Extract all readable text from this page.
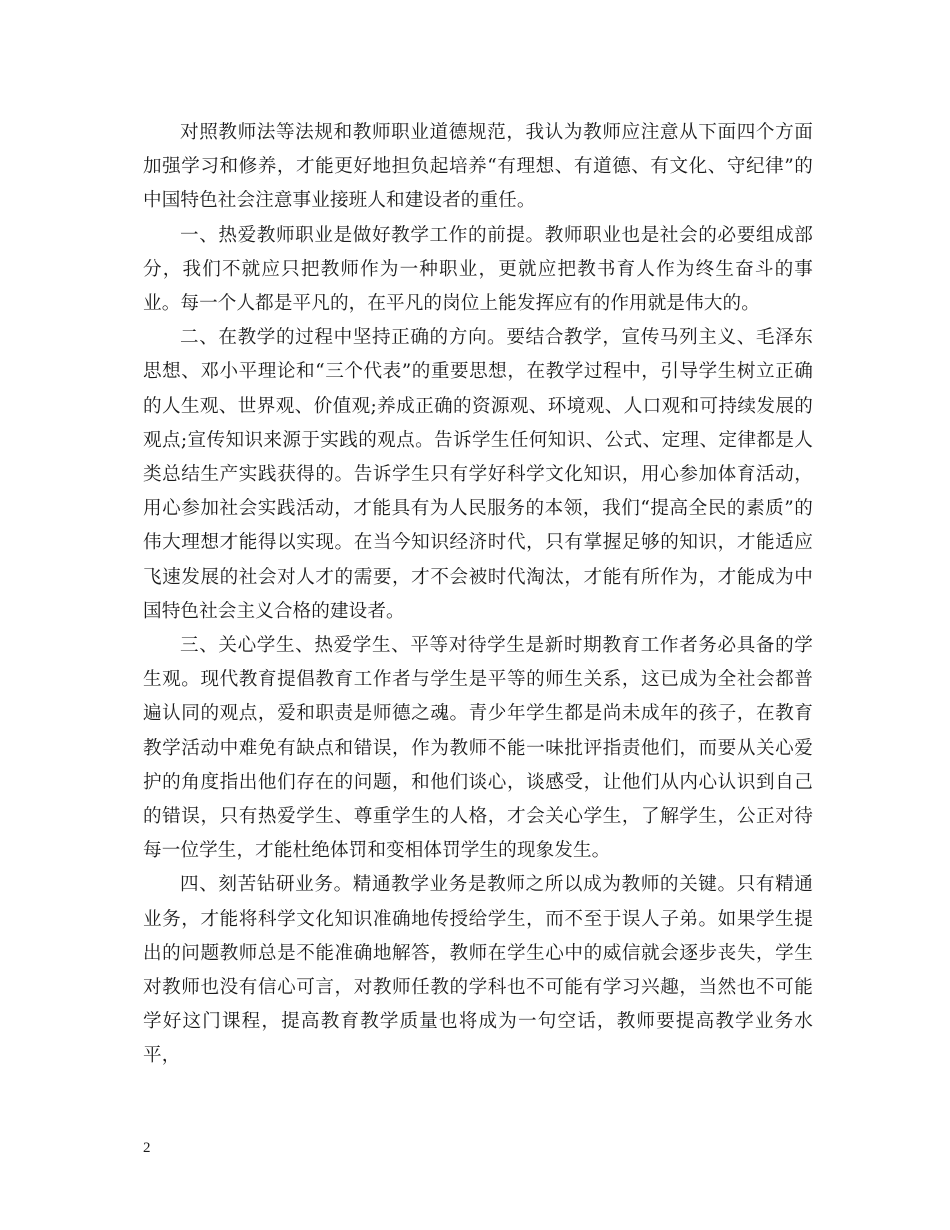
对照教师法等法规和教师职业道德规范，我认为教师应注意从下面四个方面加强学习和修养，才能更好地担负起培养“有理想、有道德、有文化、守纪律”的中国特色社会注意事业接班人和建设者的重任。

一、热爱教师职业是做好教学工作的前提。教师职业也是社会的必要组成部分，我们不就应只把教师作为一种职业，更就应把教书育人作为终生奋斗的事业。每一个人都是平凡的，在平凡的岗位上能发挥应有的作用就是伟大的。

二、在教学的过程中坚持正确的方向。要结合教学，宣传马列主义、毛泽东思想、邓小平理论和“三个代表”的重要思想，在教学过程中，引导学生树立正确的人生观、世界观、价值观;养成正确的资源观、环境观、人口观和可持续发展的观点;宣传知识来源于实践的观点。告诉学生任何知识、公式、定理、定律都是人类总结生产实践获得的。告诉学生只有学好科学文化知识，用心参加体育活动，用心参加社会实践活动，才能具有为人民服务的本领，我们“提高全民的素质”的伟大理想才能得以实现。在当今知识经济时代，只有掌握足够的知识，才能适应飞速发展的社会对人才的需要，才不会被时代淘汰，才能有所作为，才能成为中国特色社会主义合格的建设者。

三、关心学生、热爱学生、平等对待学生是新时期教育工作者务必具备的学生观。现代教育提倡教育工作者与学生是平等的师生关系，这已成为全社会都普遍认同的观点，爱和职责是师德之魂。青少年学生都是尚未成年的孩子，在教育教学活动中难免有缺点和错误，作为教师不能一味批评指责他们，而要从关心爱护的角度指出他们存在的问题，和他们谈心，谈感受，让他们从内心认识到自己的错误，只有热爱学生、尊重学生的人格，才会关心学生，了解学生，公正对待每一位学生，才能杜绝体罚和变相体罚学生的现象发生。

四、刻苦钻研业务。精通教学业务是教师之所以成为教师的关键。只有精通业务，才能将科学文化知识准确地传授给学生，而不至于误人子弟。如果学生提出的问题教师总是不能准确地解答，教师在学生心中的威信就会逐步丧失，学生对教师也没有信心可言，对教师任教的学科也不可能有学习兴趣，当然也不可能学好这门课程，提高教育教学质量也将成为一句空话，教师要提高教学业务水平，

2
